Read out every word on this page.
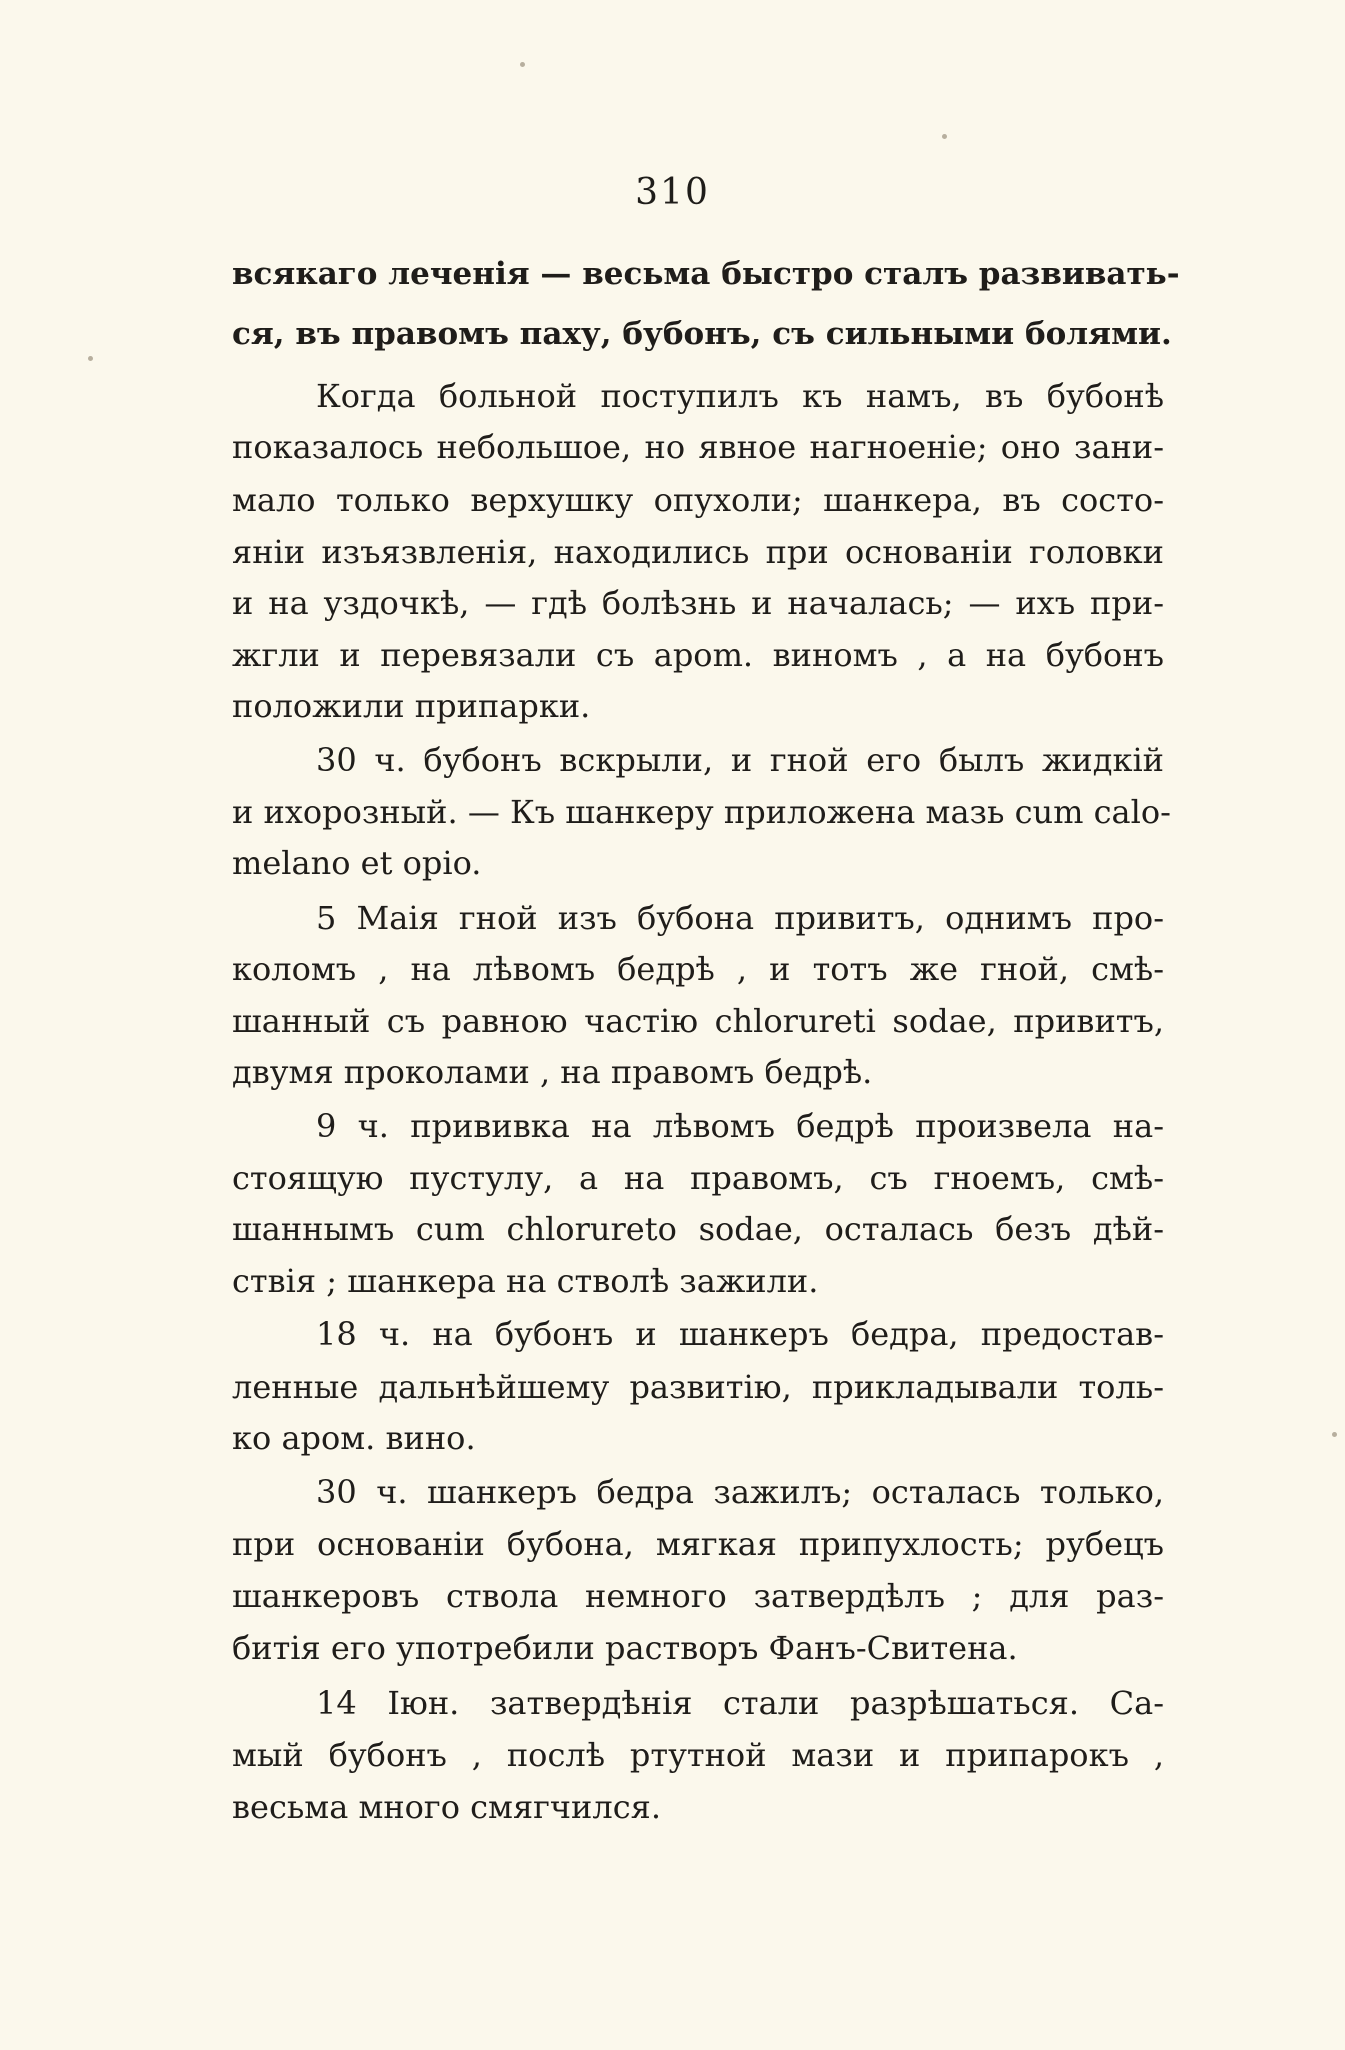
310
всякаго леченія — весьма быстро сталъ развивать-
ся, въ правомъ паху, бубонъ, съ сильными болями.
Когда больной поступилъ къ намъ, въ бубонѣ
показалось небольшое, но явное нагноеніе; оно зани-
мало только верхушку опухоли; шанкера, въ состо-
яніи изъязвленія, находились при основаніи головки
и на уздочкѣ, — гдѣ болѣзнь и началась; — ихъ при-
жгли и перевязали съ ароm. виномъ , а на бубонъ
положили припарки.
30 ч. бубонъ вскрыли, и гной его былъ жидкій
и ихорозный. — Къ шанкеру приложена мазь cum calo-
melano et opio.
5 Маія гной изъ бубона привитъ, однимъ про-
коломъ , на лѣвомъ бедрѣ , и тотъ же гной, смѣ-
шанный съ равною частію chlorureti sodae, привитъ,
двумя проколами , на правомъ бедрѣ.
9 ч. прививка на лѣвомъ бедрѣ произвела на-
стоящую пустулу, а на правомъ, съ гноемъ, смѣ-
шаннымъ cum chlorureto sodae, осталась безъ дѣй-
ствія ; шанкера на стволѣ зажили.
18 ч. на бубонъ и шанкеръ бедра, предостав-
ленные дальнѣйшему развитію, прикладывали толь-
ко аром. вино.
30 ч. шанкеръ бедра зажилъ; осталась только,
при основаніи бубона, мягкая припухлость; рубецъ
шанкеровъ ствола немного затвердѣлъ ; для раз-
битія его употребили растворъ Фанъ-Свитена.
14 Іюн. затвердѣнія стали разрѣшаться. Са-
мый бубонъ , послѣ ртутной мази и припарокъ ,
весьма много смягчился.
